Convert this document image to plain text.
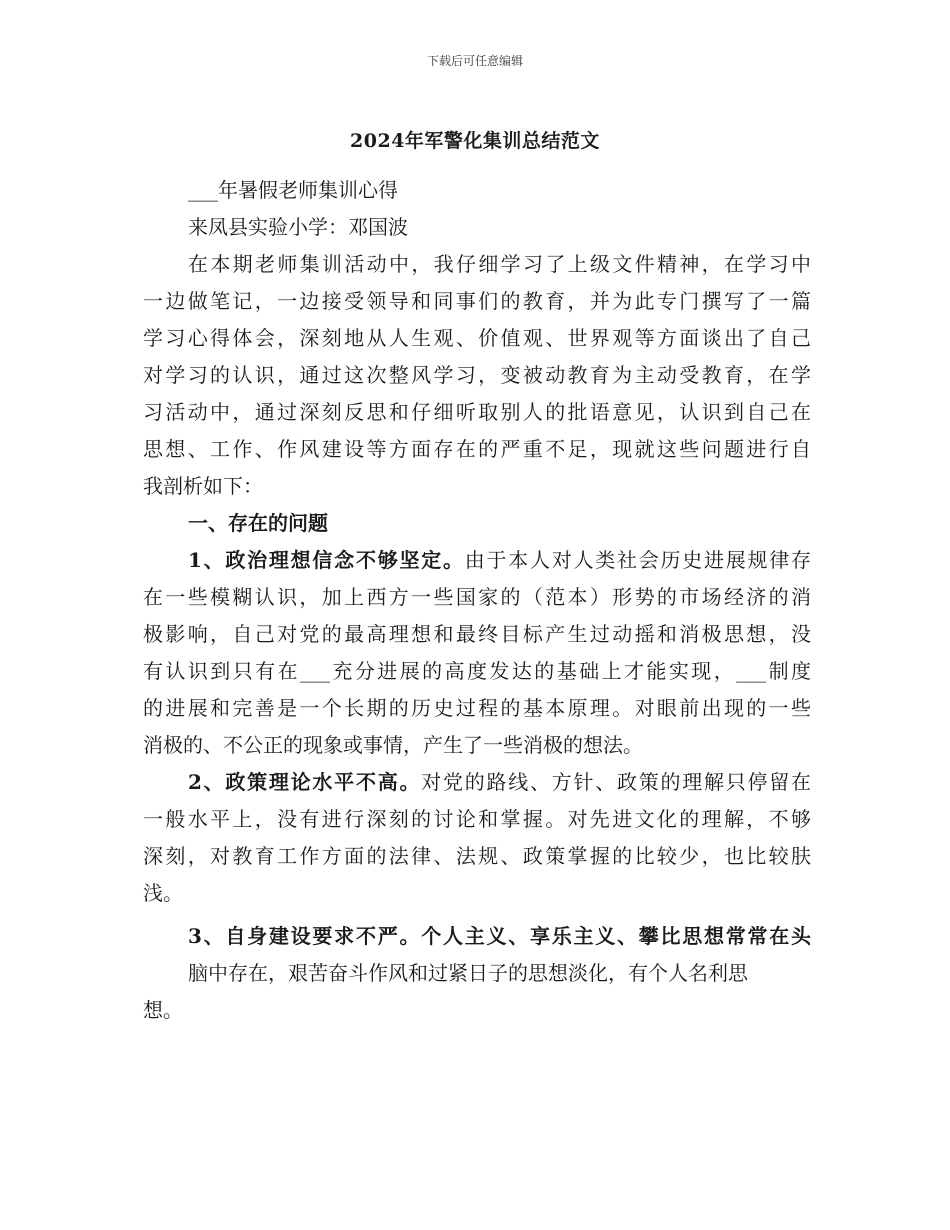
下载后可任意编辑
2024年军警化集训总结范文
___年暑假老师集训心得
来凤县实验小学：邓国波
在本期老师集训活动中，我仔细学习了上级文件精神，在学习中
一边做笔记，一边接受领导和同事们的教育，并为此专门撰写了一篇
学习心得体会，深刻地从人生观、价值观、世界观等方面谈出了自己
对学习的认识，通过这次整风学习，变被动教育为主动受教育，在学
习活动中，通过深刻反思和仔细听取别人的批语意见，认识到自己在
思想、工作、作风建设等方面存在的严重不足，现就这些问题进行自
我剖析如下：
一、存在的问题
1、政治理想信念不够坚定。由于本人对人类社会历史进展规律存
在一些模糊认识，加上西方一些国家的（范本）形势的市场经济的消
极影响，自己对党的最高理想和最终目标产生过动摇和消极思想，没
有认识到只有在___充分进展的高度发达的基础上才能实现，___制度
的进展和完善是一个长期的历史过程的基本原理。对眼前出现的一些
消极的、不公正的现象或事情，产生了一些消极的想法。
2、政策理论水平不高。对党的路线、方针、政策的理解只停留在
一般水平上，没有进行深刻的讨论和掌握。对先进文化的理解，不够
深刻，对教育工作方面的法律、法规、政策掌握的比较少，也比较肤
浅。
3、自身建设要求不严。个人主义、享乐主义、攀比思想常常在头
脑中存在，艰苦奋斗作风和过紧日子的思想淡化，有个人名利思
想。
